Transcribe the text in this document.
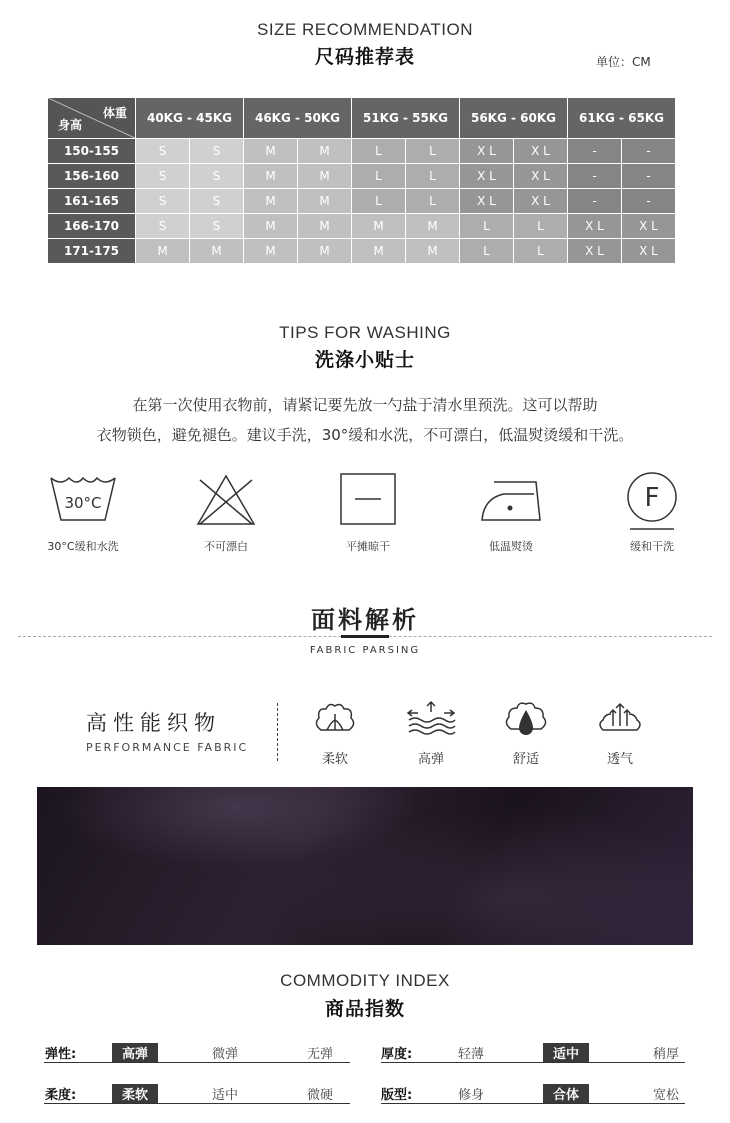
SIZE RECOMMENDATION
尺码推荐表	单位：CM
体重
身高	40KG - 45KG		46KG - 50KG		51KG - 55KG		56KG - 60KG		61KG - 65KG	
150-155	S	S	M	M	L	L	X L	X L	-	-
156-160	S	S	M	M	L	L	X L	X L	-	-
161-165	S	S	M	M	L	L	X L	X L	-	-
166-170	S	S	M	M	M	M	L	L	X L	X L
171-175	M	M	M	M	M	M	L	L	X L	X L
TIPS FOR WASHING
洗涤小贴士
在第一次使用衣物前，请紧记要先放一勺盐于清水里预洗。这可以帮助
衣物锁色，避免褪色。建议手洗，30°缓和水洗，不可漂白，低温熨烫缓和干洗。
30°C
30°C缓和水洗	不可漂白	平摊晾干	低温熨烫
F
缓和干洗
面料解析
FABRIC PARSING
高性能织物
PERFORMANCE FABRIC
柔软	高弹	舒适	透气
COMMODITY INDEX
商品指数
弹性:	高弹	微弹	无弹	厚度:	轻薄	适中	稍厚
柔度:	柔软	适中	微硬	版型:	修身	合体	宽松
